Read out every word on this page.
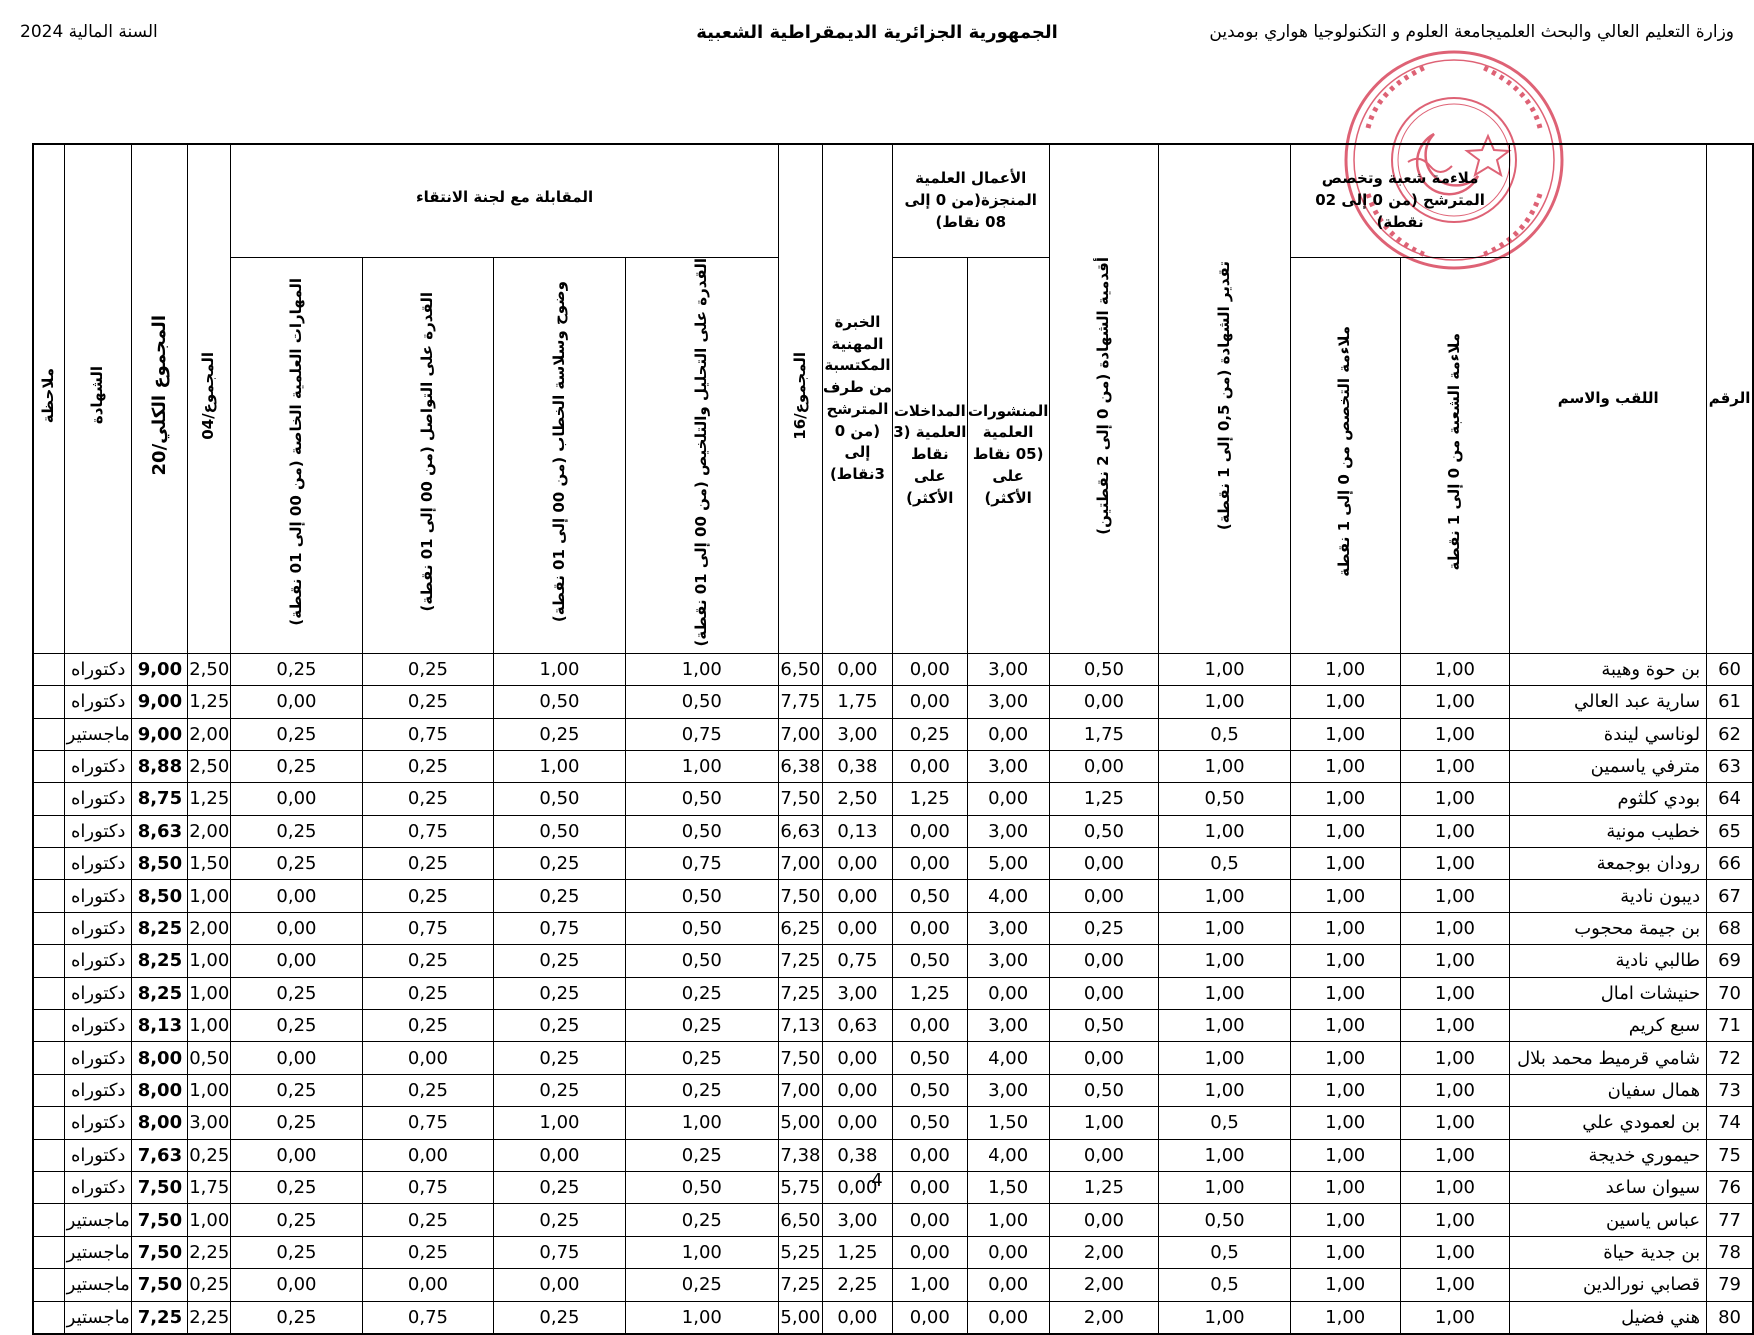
وزارة التعليم العالي والبحث العلميجامعة العلوم و التكنولوجيا هواري بومدين
الجمهورية الجزائرية الديمقراطية الشعبية
السنة المالية 2024
الرقم	اللقب والاسم	ملاءمة شعبة وتخصص المترشح (من 0 إلى 02 نقطة)		تقدير الشهادة (من 0,5 إلى 1 نقطة)	أقدمية الشهادة (من 0 إلى 2 نقطتين)	الأعمال العلمية المنجزة(من 0 إلى 08 نقاط)		الخبرة المهنية المكتسبة من طرف المترشح (من 0 إلى 3نقاط)	المجموع/16	المقابلة مع لجنة الانتقاء				المجموع/04	المجموع الكلي/20	الشهادة	ملاحظة
		ملاءمة الشعبة من 0 إلى 1 نقطة	ملاءمة التخصص من 0 إلى 1 نقطة			المنشورات العلمية (05 نقاط على الأكثر)	المداخلات العلمية (3 نقاط على الأكثر)			القدرة على التحليل والتلخيص (من 00 إلى 01 نقطة)	وضوح وسلاسة الخطاب (من 00 إلى 01 نقطة)	القدرة على التواصل (من 00 إلى 01 نقطة)	المهارات العلمية الخاصة (من 00 إلى 01 نقطة)				
60	بن حوة وهيبة	1,00	1,00	1,00	0,50	3,00	0,00	0,00	6,50	1,00	1,00	0,25	0,25	2,50	9,00	دكتوراه	
61	سارية عبد العالي	1,00	1,00	1,00	0,00	3,00	0,00	1,75	7,75	0,50	0,50	0,25	0,00	1,25	9,00	دكتوراه	
62	لوناسي ليندة	1,00	1,00	0,5	1,75	0,00	0,25	3,00	7,00	0,75	0,25	0,75	0,25	2,00	9,00	ماجستير	
63	مترفي ياسمين	1,00	1,00	1,00	0,00	3,00	0,00	0,38	6,38	1,00	1,00	0,25	0,25	2,50	8,88	دكتوراه	
64	بودي كلثوم	1,00	1,00	0,50	1,25	0,00	1,25	2,50	7,50	0,50	0,50	0,25	0,00	1,25	8,75	دكتوراه	
65	خطيب مونية	1,00	1,00	1,00	0,50	3,00	0,00	0,13	6,63	0,50	0,50	0,75	0,25	2,00	8,63	دكتوراه	
66	رودان بوجمعة	1,00	1,00	0,5	0,00	5,00	0,00	0,00	7,00	0,75	0,25	0,25	0,25	1,50	8,50	دكتوراه	
67	ديبون نادية	1,00	1,00	1,00	0,00	4,00	0,50	0,00	7,50	0,50	0,25	0,25	0,00	1,00	8,50	دكتوراه	
68	بن جيمة محجوب	1,00	1,00	1,00	0,25	3,00	0,00	0,00	6,25	0,50	0,75	0,75	0,00	2,00	8,25	دكتوراه	
69	طالبي نادية	1,00	1,00	1,00	0,00	3,00	0,50	0,75	7,25	0,50	0,25	0,25	0,00	1,00	8,25	دكتوراه	
70	حنيشات امال	1,00	1,00	1,00	0,00	0,00	1,25	3,00	7,25	0,25	0,25	0,25	0,25	1,00	8,25	دكتوراه	
71	سبع كريم	1,00	1,00	1,00	0,50	3,00	0,00	0,63	7,13	0,25	0,25	0,25	0,25	1,00	8,13	دكتوراه	
72	شامي قرميط محمد بلال	1,00	1,00	1,00	0,00	4,00	0,50	0,00	7,50	0,25	0,25	0,00	0,00	0,50	8,00	دكتوراه	
73	همال سفيان	1,00	1,00	1,00	0,50	3,00	0,50	0,00	7,00	0,25	0,25	0,25	0,25	1,00	8,00	دكتوراه	
74	بن لعمودي علي	1,00	1,00	0,5	1,00	1,50	0,50	0,00	5,00	1,00	1,00	0,75	0,25	3,00	8,00	دكتوراه	
75	حيموري خديجة	1,00	1,00	1,00	0,00	4,00	0,00	0,38	7,38	0,25	0,00	0,00	0,00	0,25	7,63	دكتوراه	
76	سيوان ساعد	1,00	1,00	1,00	1,25	1,50	0,00	0,00	5,75	0,50	0,25	0,75	0,25	1,75	7,50	دكتوراه	
77	عباس ياسين	1,00	1,00	0,50	0,00	1,00	0,00	3,00	6,50	0,25	0,25	0,25	0,25	1,00	7,50	ماجستير	
78	بن جدية حياة	1,00	1,00	0,5	2,00	0,00	0,00	1,25	5,25	1,00	0,75	0,25	0,25	2,25	7,50	ماجستير	
79	قصابي نورالدين	1,00	1,00	0,5	2,00	0,00	1,00	2,25	7,25	0,25	0,00	0,00	0,00	0,25	7,50	ماجستير	
80	هني فضيل	1,00	1,00	1,00	2,00	0,00	0,00	0,00	5,00	1,00	0,25	0,75	0,25	2,25	7,25	ماجستير	
4
